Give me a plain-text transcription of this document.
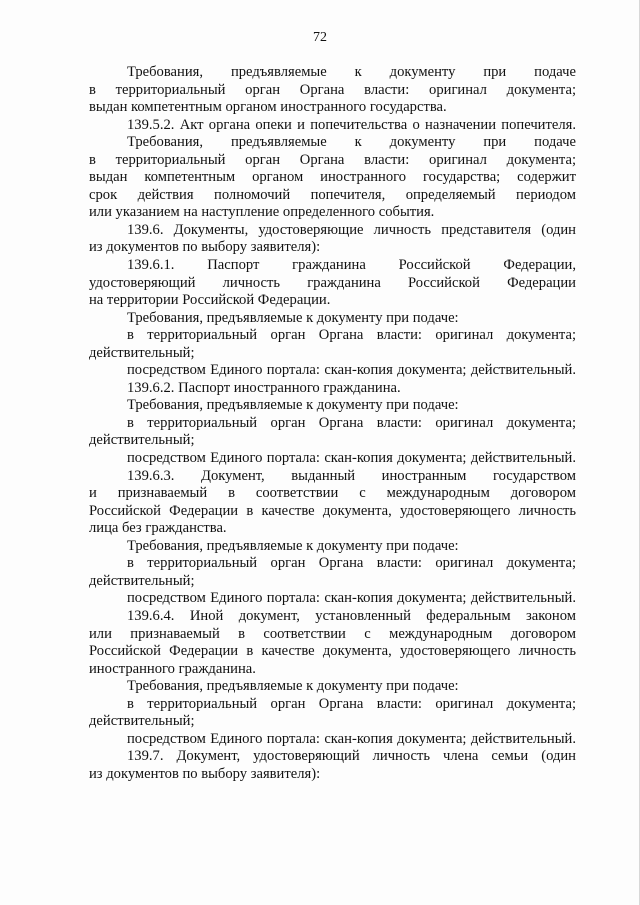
72
Требования, предъявляемые к документу при подаче
в территориальный орган Органа власти: оригинал документа;
выдан компетентным органом иностранного государства.
139.5.2. Акт органа опеки и попечительства о назначении попечителя.
Требования, предъявляемые к документу при подаче
в территориальный орган Органа власти: оригинал документа;
выдан компетентным органом иностранного государства; содержит
срок действия полномочий попечителя, определяемый периодом
или указанием на наступление определенного события.
139.6. Документы, удостоверяющие личность представителя (один
из документов по выбору заявителя):
139.6.1. Паспорт гражданина Российской Федерации,
удостоверяющий личность гражданина Российской Федерации
на территории Российской Федерации.
Требования, предъявляемые к документу при подаче:
в территориальный орган Органа власти: оригинал документа;
действительный;
посредством Единого портала: скан-копия документа; действительный.
139.6.2. Паспорт иностранного гражданина.
Требования, предъявляемые к документу при подаче:
в территориальный орган Органа власти: оригинал документа;
действительный;
посредством Единого портала: скан-копия документа; действительный.
139.6.3. Документ, выданный иностранным государством
и признаваемый в соответствии с международным договором
Российской Федерации в качестве документа, удостоверяющего личность
лица без гражданства.
Требования, предъявляемые к документу при подаче:
в территориальный орган Органа власти: оригинал документа;
действительный;
посредством Единого портала: скан-копия документа; действительный.
139.6.4. Иной документ, установленный федеральным законом
или признаваемый в соответствии с международным договором
Российской Федерации в качестве документа, удостоверяющего личность
иностранного гражданина.
Требования, предъявляемые к документу при подаче:
в территориальный орган Органа власти: оригинал документа;
действительный;
посредством Единого портала: скан-копия документа; действительный.
139.7. Документ, удостоверяющий личность члена семьи (один
из документов по выбору заявителя):
